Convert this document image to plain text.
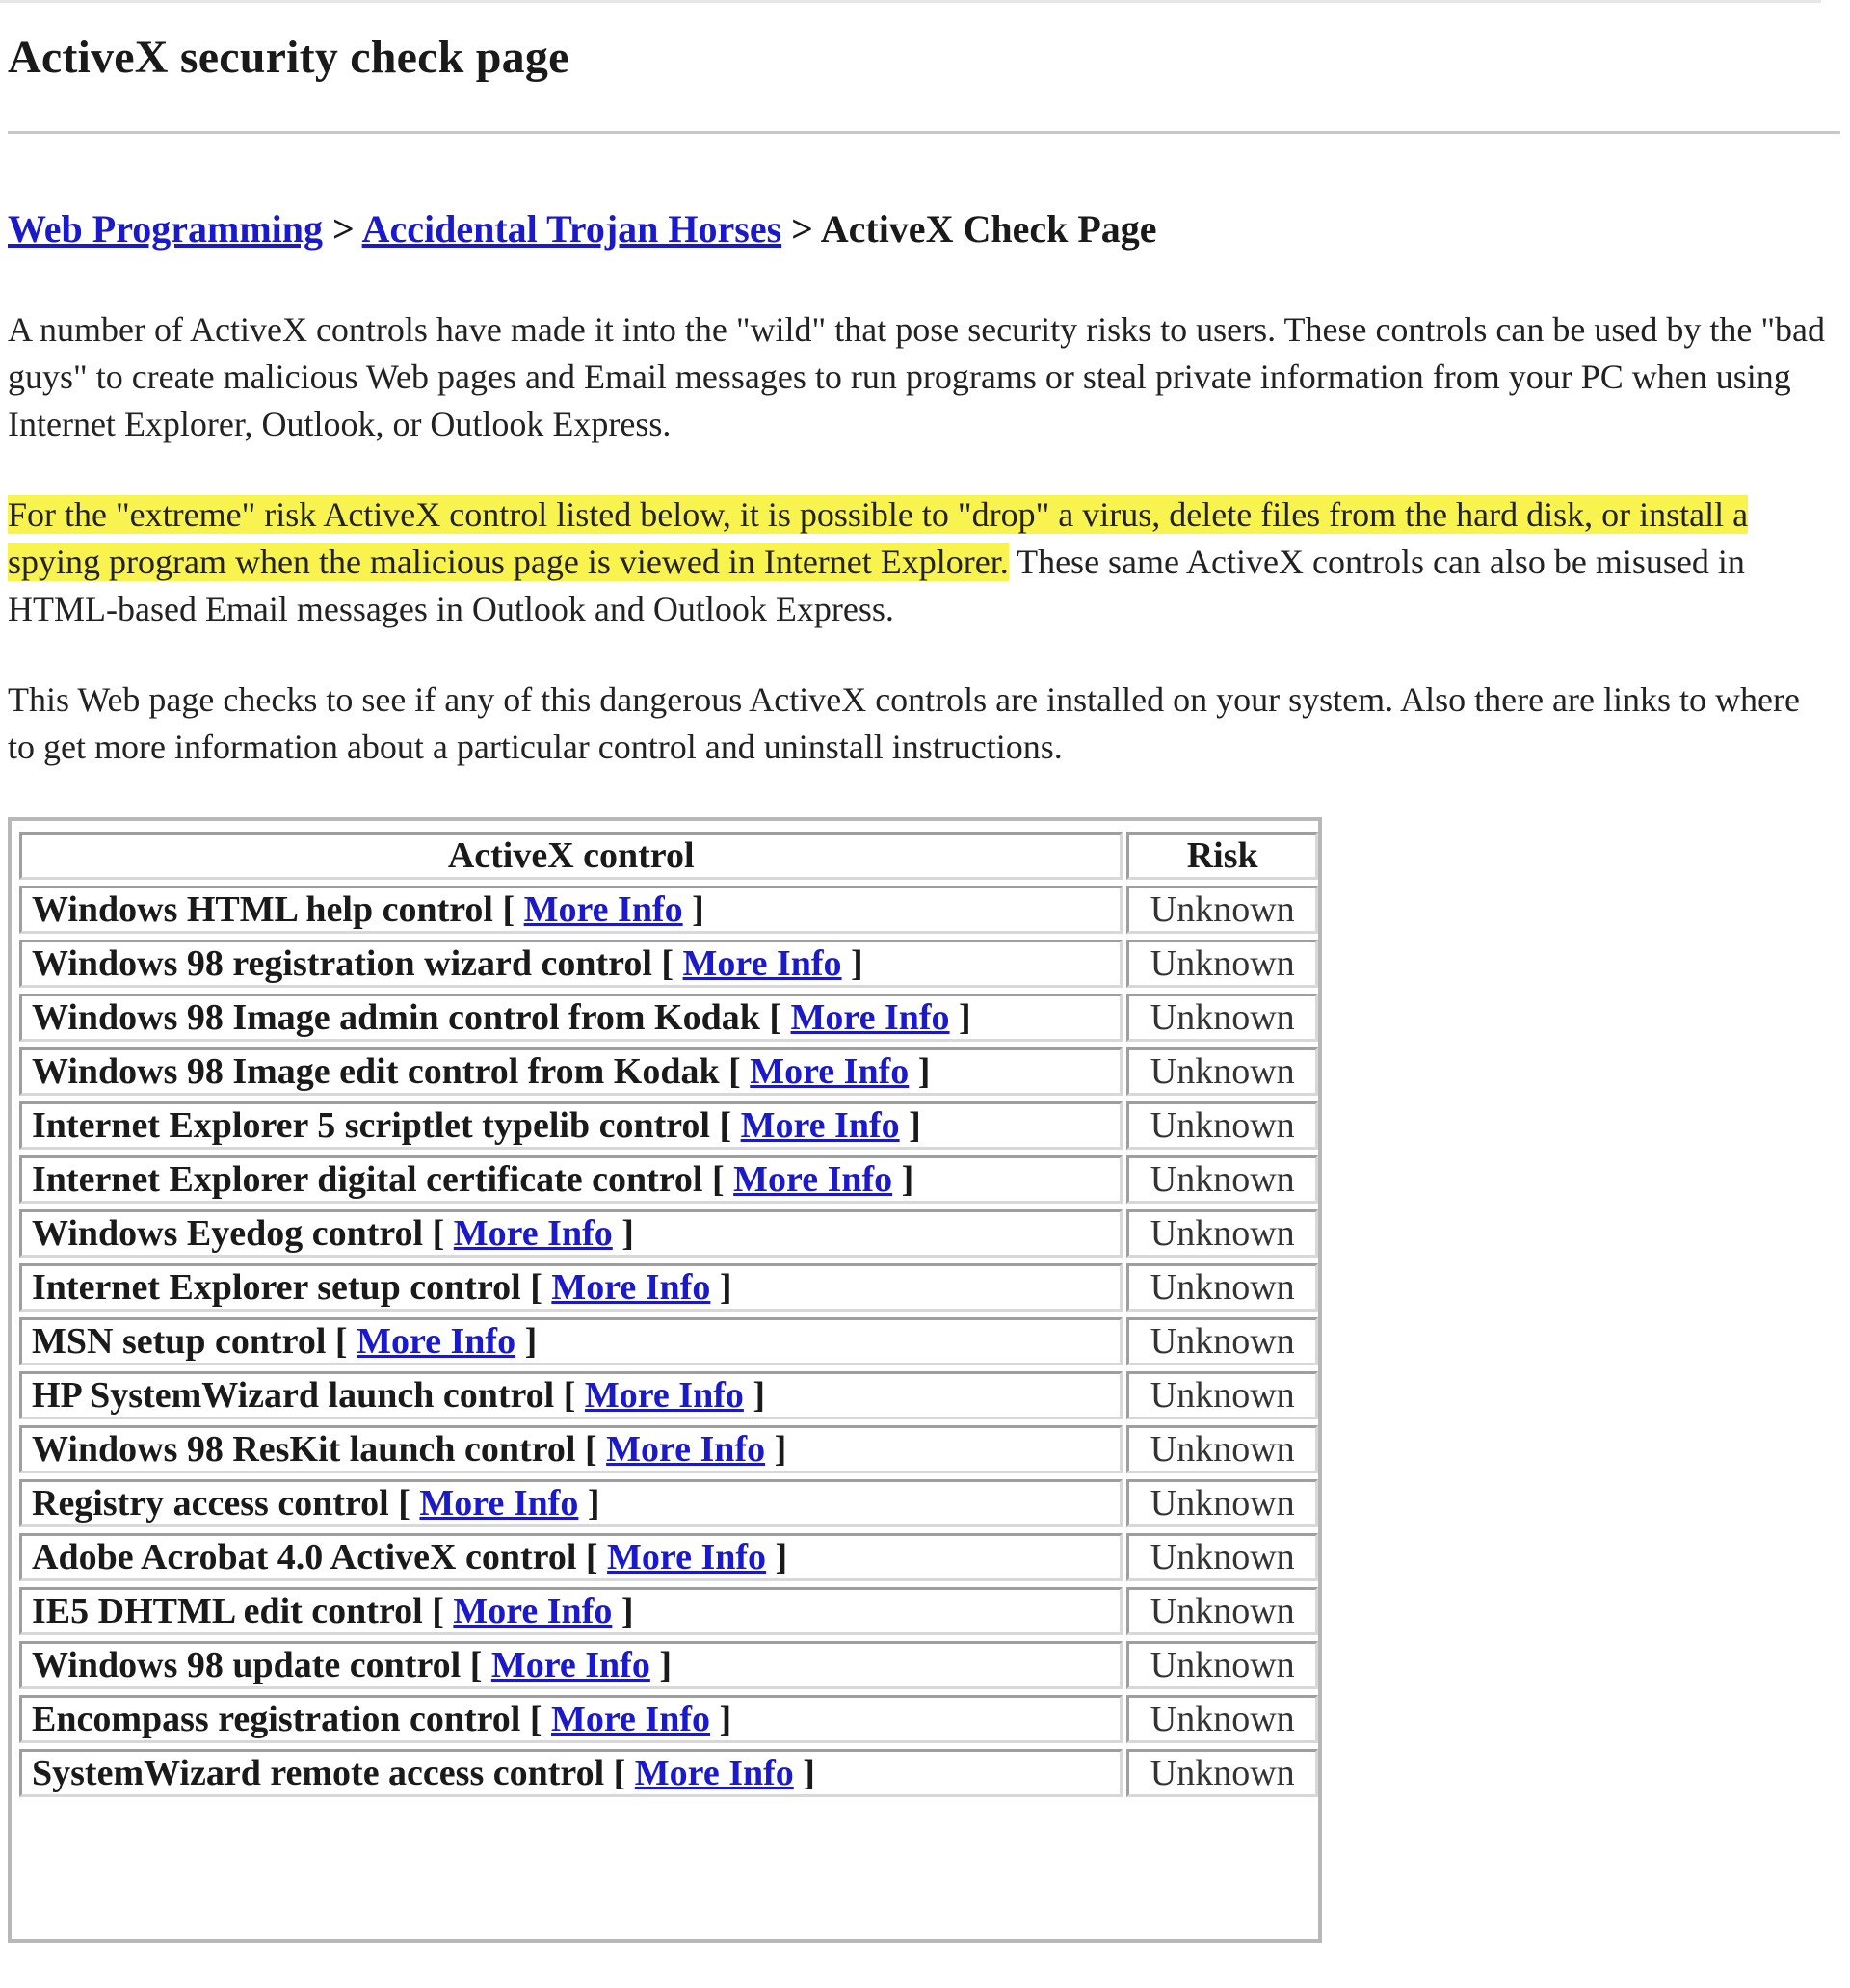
ActiveX security check page

Web Programming > Accidental Trojan Horses > ActiveX Check Page

A number of ActiveX controls have made it into the "wild" that pose security risks to users. These controls can be used by the "bad guys" to create malicious Web pages and Email messages to run programs or steal private information from your PC when using Internet Explorer, Outlook, or Outlook Express.

For the "extreme" risk ActiveX control listed below, it is possible to "drop" a virus, delete files from the hard disk, or install a spying program when the malicious page is viewed in Internet Explorer. These same ActiveX controls can also be misused in HTML-based Email messages in Outlook and Outlook Express.

This Web page checks to see if any of this dangerous ActiveX controls are installed on your system. Also there are links to where to get more information about a particular control and uninstall instructions.

ActiveX control	Risk
Windows HTML help control [ More Info ]	Unknown
Windows 98 registration wizard control [ More Info ]	Unknown
Windows 98 Image admin control from Kodak [ More Info ]	Unknown
Windows 98 Image edit control from Kodak [ More Info ]	Unknown
Internet Explorer 5 scriptlet typelib control [ More Info ]	Unknown
Internet Explorer digital certificate control [ More Info ]	Unknown
Windows Eyedog control [ More Info ]	Unknown
Internet Explorer setup control [ More Info ]	Unknown
MSN setup control [ More Info ]	Unknown
HP SystemWizard launch control [ More Info ]	Unknown
Windows 98 ResKit launch control [ More Info ]	Unknown
Registry access control [ More Info ]	Unknown
Adobe Acrobat 4.0 ActiveX control [ More Info ]	Unknown
IE5 DHTML edit control [ More Info ]	Unknown
Windows 98 update control [ More Info ]	Unknown
Encompass registration control [ More Info ]	Unknown
SystemWizard remote access control [ More Info ]	Unknown
